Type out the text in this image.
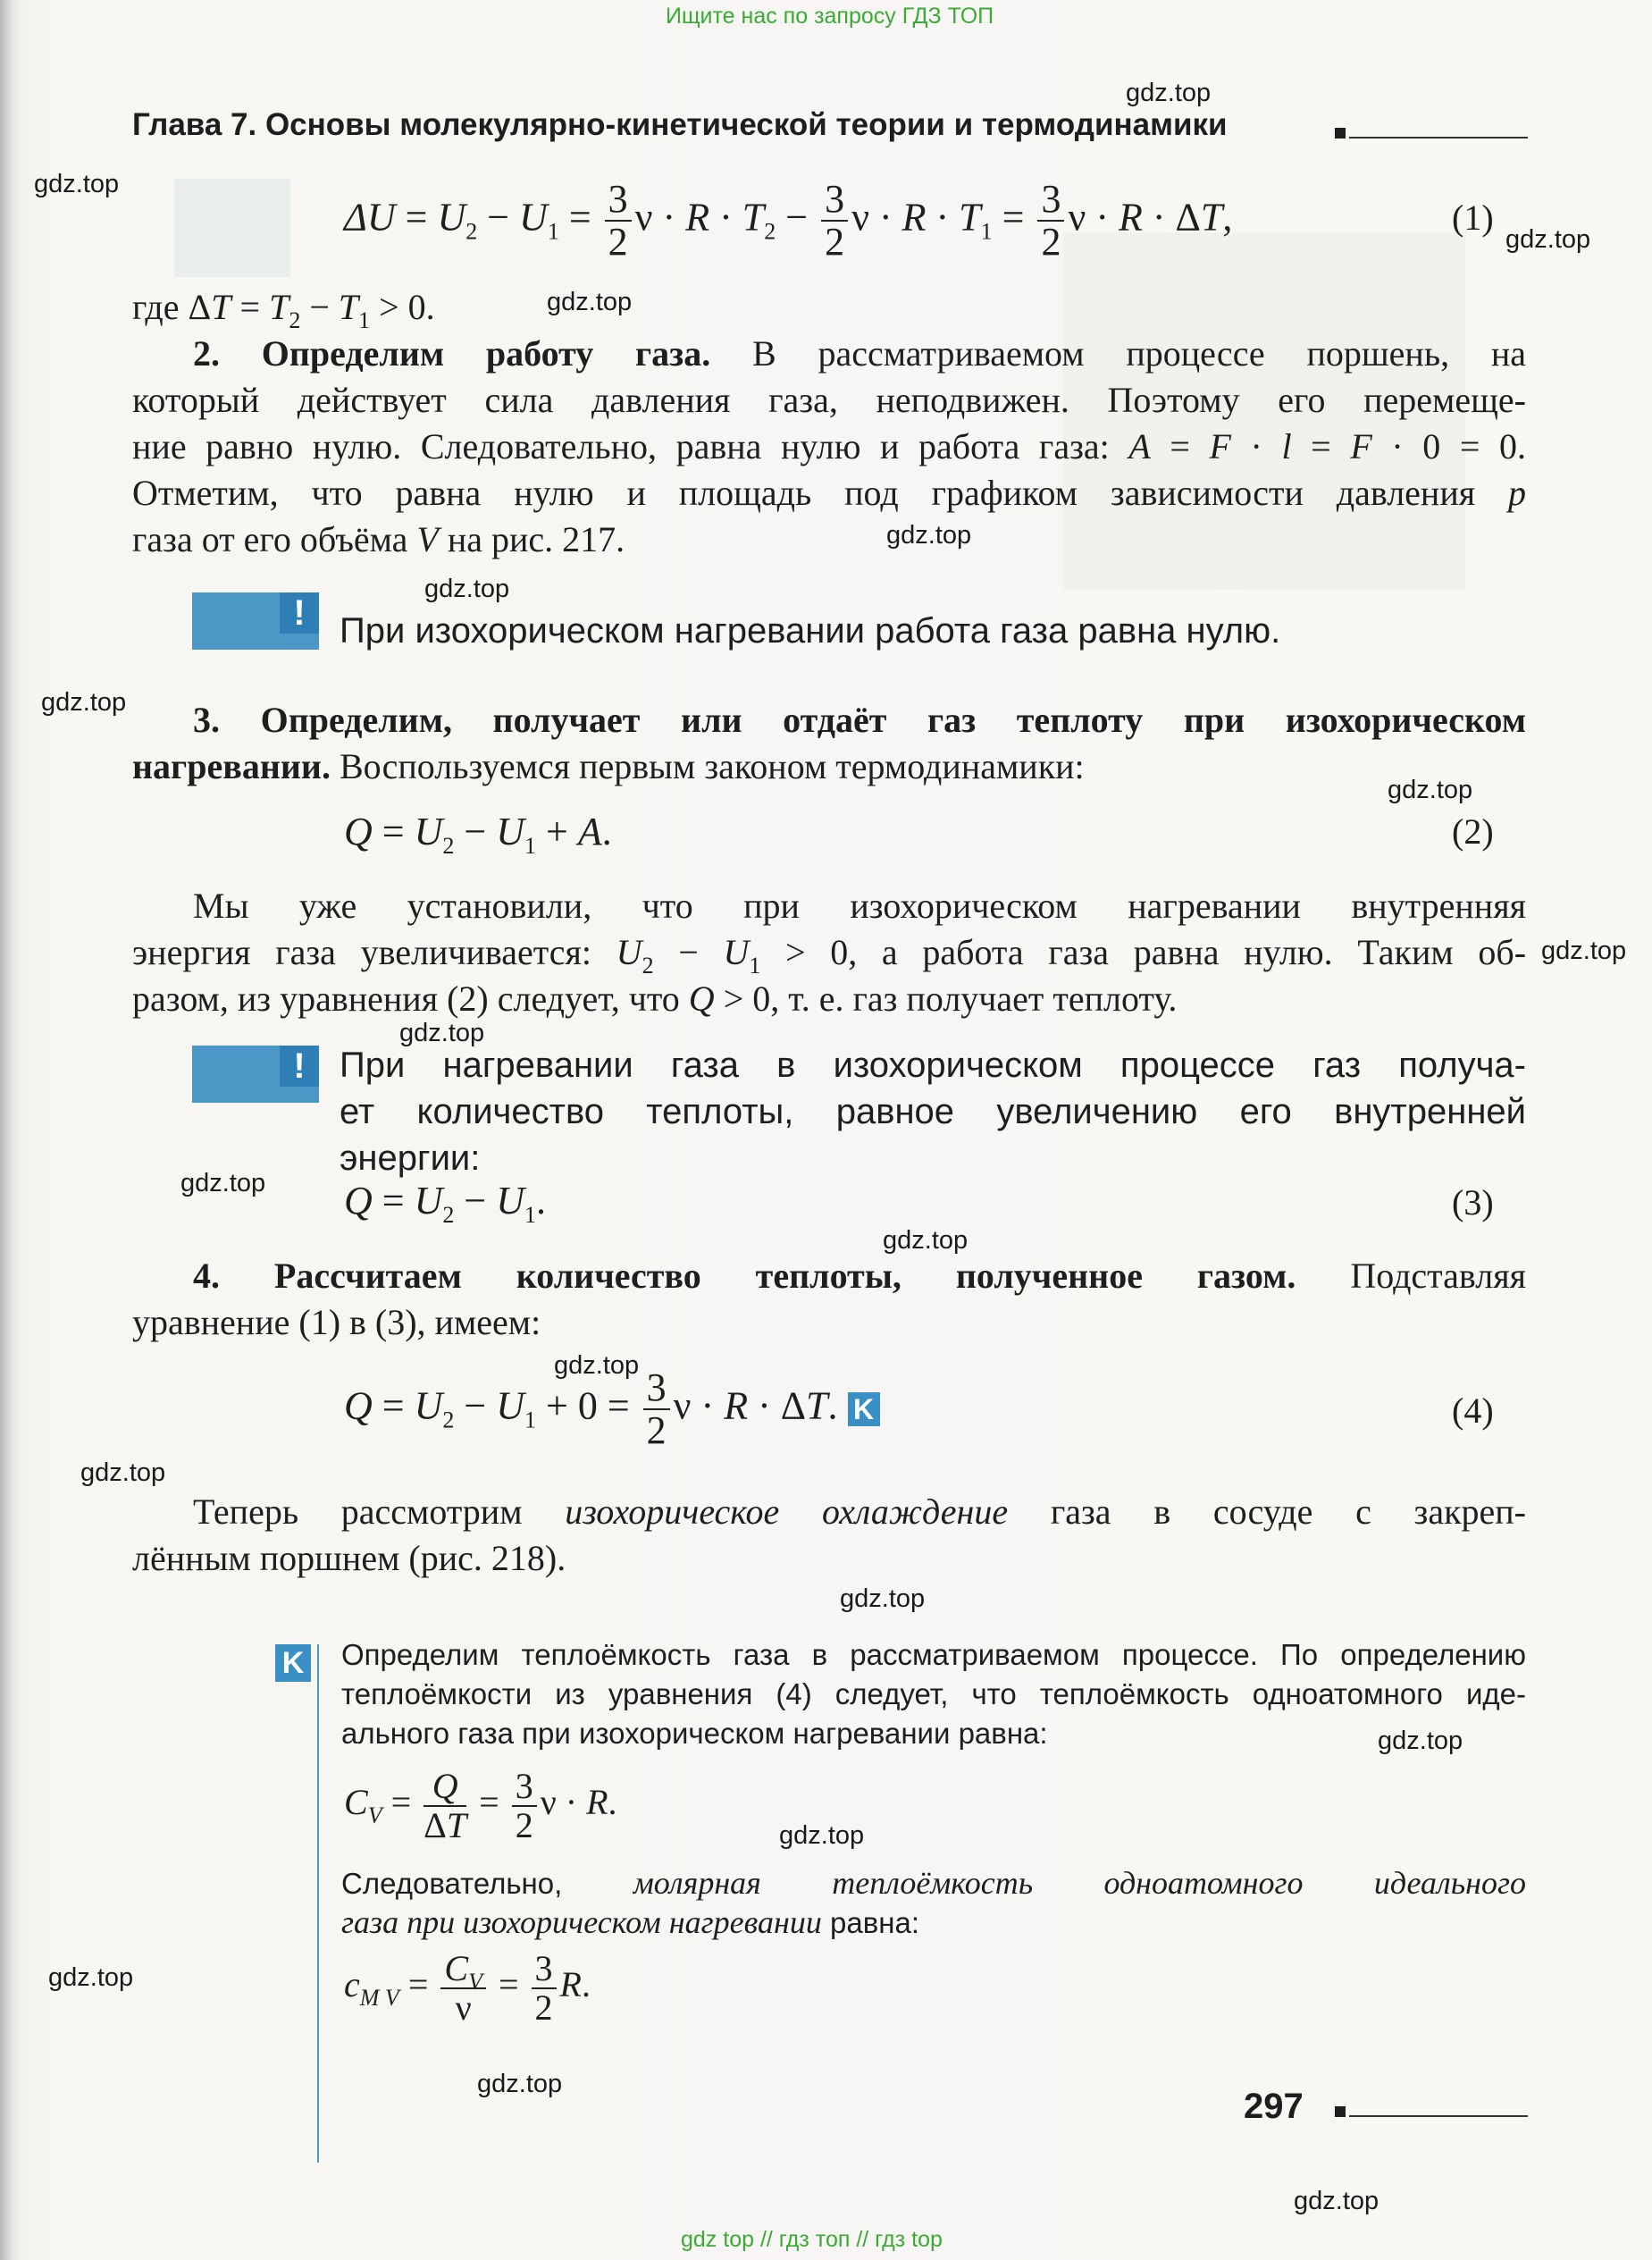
Ищите нас по запросу ГДЗ ТОП
Глава 7. Основы молекулярно-кинетической теории и термодинамики
$\Delta U = U_2 - U_1 = \frac{3}{2}$ $\nu \cdot R \cdot T_2 - \frac{3}{2}$ $\nu \cdot R \cdot T_1 = \frac{3}{2}$ ν · R · ΔT,	(1)
где $\Delta T = T_2 - T_1 > 0$.
2. Определим работу газа. В рассматриваемом процессе поршень, на
который действует сила давления газа, неподвижен. Поэтому его перемеще-
ние равно нулю. Следовательно, равна нулю и работа газа: A = F · l = F · 0 = 0.
Отметим, что равна нулю и площадь под графиком зависимости давления p
газа от его объёма V на рис. 217.
! При изохорическом нагревании работа газа равна нулю.
3. Определим, получает или отдаёт газ теплоту при изохорическом
нагревании. Воспользуемся первым законом термодинамики:
$Q = U_2 - U_1 + A$.	(2)
Мы уже установили, что при изохорическом нагревании внутренняя
энергия газа увеличивается: $U_2 - U_1 > 0$, а работа газа равна нулю. Таким об-
разом, из уравнения (2) следует, что Q > 0, т. е. газ получает теплоту.
! При нагревании газа в изохорическом процессе газ получа-
ет количество теплоты, равное увеличению его внутренней
энергии:
$Q = U_2 - U_1$.	(3)
4. Рассчитаем количество теплоты, полученное газом. Подставляя
уравнение (1) в (3), имеем:
$Q = U_2 - U_1 + 0 = \frac{3}{2}$ ν · R · ΔT. K	(4)
Теперь рассмотрим изохорическое охлаждение газа в сосуде с закреп-
лённым поршнем (рис. 218).
K Определим теплоёмкость газа в рассматриваемом процессе. По определению
теплоёмкости из уравнения (4) следует, что теплоёмкость одноатомного иде-
ального газа при изохорическом нагревании равна:
$C_V = \frac{Q}{\Delta T} = \frac{3}{2}$ ν · R.
Следовательно, молярная теплоёмкость одноатомного идеального
газа при изохорическом нагревании равна:
$c_{M V} = \frac{C_V}{\nu} = \frac{3}{2} R$.
297
gdz top // гдз топ // гдз top
gdz.top
gdz.top
gdz.top
gdz.top
gdz.top
gdz.top
gdz.top
gdz.top
gdz.top
gdz.top
gdz.top
gdz.top
gdz.top
gdz.top
gdz.top
gdz.top
gdz.top
gdz.top
gdz.top
gdz.top
